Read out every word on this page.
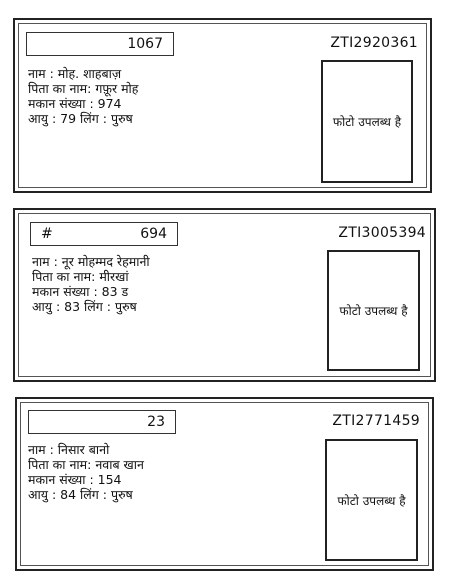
1067	ZTI2920361
नाम : मोह. शाहबाज़
पिता का नाम: गफ़ूर मोह
मकान संख्या : 974
आयु : 79 लिंग : पुरुष	फोटो उपलब्ध है
#	694	ZTI3005394
नाम : नूर मोहम्मद रेहमानी
पिता का नाम: मीरखां
मकान संख्या : 83 ड
आयु : 83 लिंग : पुरुष	फोटो उपलब्ध है
23	ZTI2771459
नाम : निसार बानो
पिता का नाम: नवाब खान
मकान संख्या : 154
आयु : 84 लिंग : पुरुष	फोटो उपलब्ध है
